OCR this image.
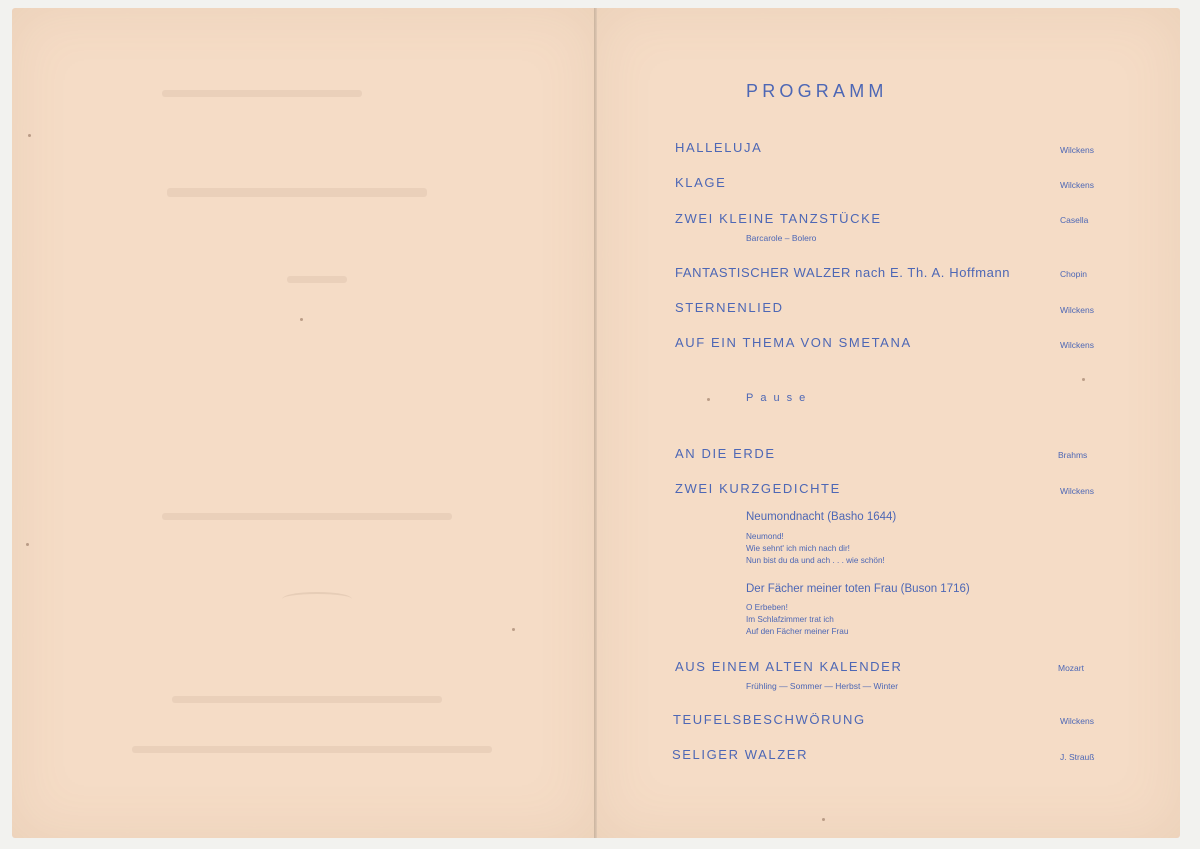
PROGRAMM
HALLELUJA	Wilckens
KLAGE	Wilckens
ZWEI KLEINE TANZSTÜCKE	Casella
Barcarole – Bolero
FANTASTISCHER WALZER nach E. Th. A. Hoffmann	Chopin
STERNENLIED	Wilckens
AUF EIN THEMA VON SMETANA	Wilckens
Pause
AN DIE ERDE	Brahms
ZWEI KURZGEDICHTE	Wilckens
Neumondnacht (Basho 1644)
Neumond!
Wie sehnt' ich mich nach dir!
Nun bist du da und ach . . . wie schön!
Der Fächer meiner toten Frau (Buson 1716)
O Erbeben!
Im Schlafzimmer trat ich
Auf den Fächer meiner Frau
AUS EINEM ALTEN KALENDER	Mozart
Frühling — Sommer — Herbst — Winter
TEUFELSBESCHWÖRUNG	Wilckens
SELIGER WALZER	J. Strauß
